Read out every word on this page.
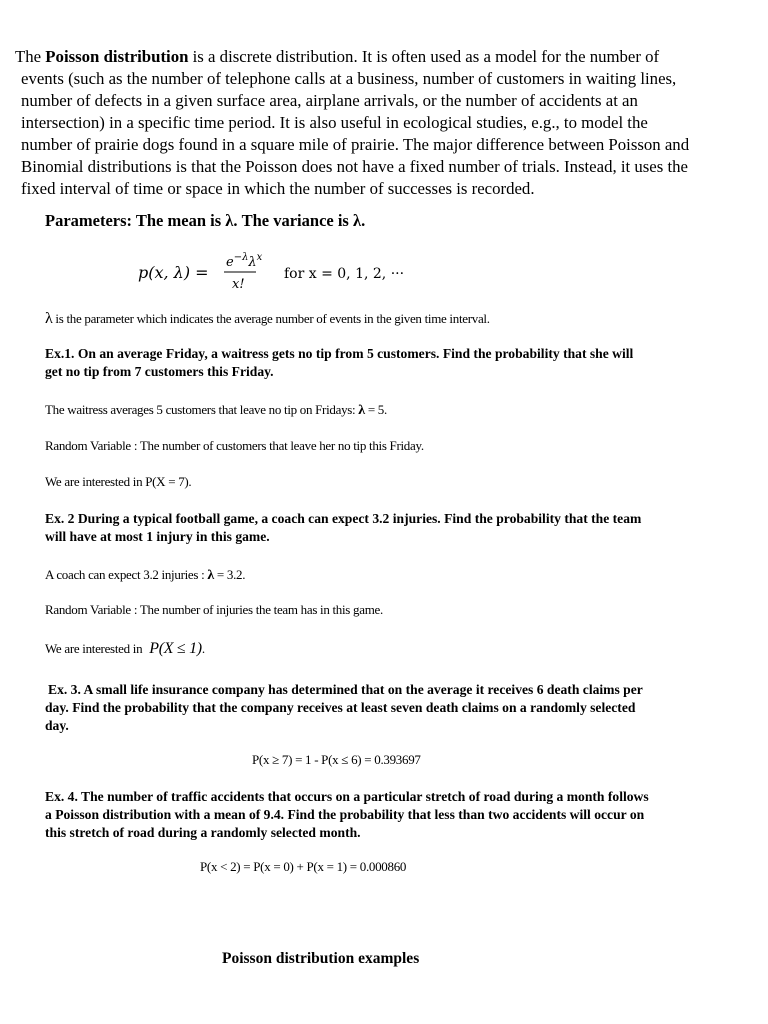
The Poisson distribution is a discrete distribution. It is often used as a model for the number of
events (such as the number of telephone calls at a business, number of customers in waiting lines,
number of defects in a given surface area, airplane arrivals, or the number of accidents at an
intersection) in a specific time period. It is also useful in ecological studies, e.g., to model the
number of prairie dogs found in a square mile of prairie. The major difference between Poisson and
Binomial distributions is that the Poisson does not have a fixed number of trials. Instead, it uses the
fixed interval of time or space in which the number of successes is recorded.
Parameters: The mean is λ. The variance is λ.
p(x, λ) =
$e^{-\lambda}\lambda^x$
x!
for x = 0, 1, 2, ···
λ is the parameter which indicates the average number of events in the given time interval.
Ex.1. On an average Friday, a waitress gets no tip from 5 customers. Find the probability that she will
get no tip from 7 customers this Friday.
The waitress averages 5 customers that leave no tip on Fridays: λ = 5.
Random Variable : The number of customers that leave her no tip this Friday.
We are interested in P(X = 7).
Ex. 2 During a typical football game, a coach can expect 3.2 injuries. Find the probability that the team
will have at most 1 injury in this game.
A coach can expect 3.2 injuries : λ = 3.2.
Random Variable : The number of injuries the team has in this game.
We are interested in P(X ≤ 1).
Ex. 3. A small life insurance company has determined that on the average it receives 6 death claims per
day. Find the probability that the company receives at least seven death claims on a randomly selected
day.
P(x ≥ 7) = 1 - P(x ≤ 6) = 0.393697
Ex. 4. The number of traffic accidents that occurs on a particular stretch of road during a month follows
a Poisson distribution with a mean of 9.4. Find the probability that less than two accidents will occur on
this stretch of road during a randomly selected month.
P(x < 2) = P(x = 0) + P(x = 1) = 0.000860
Poisson distribution examples
